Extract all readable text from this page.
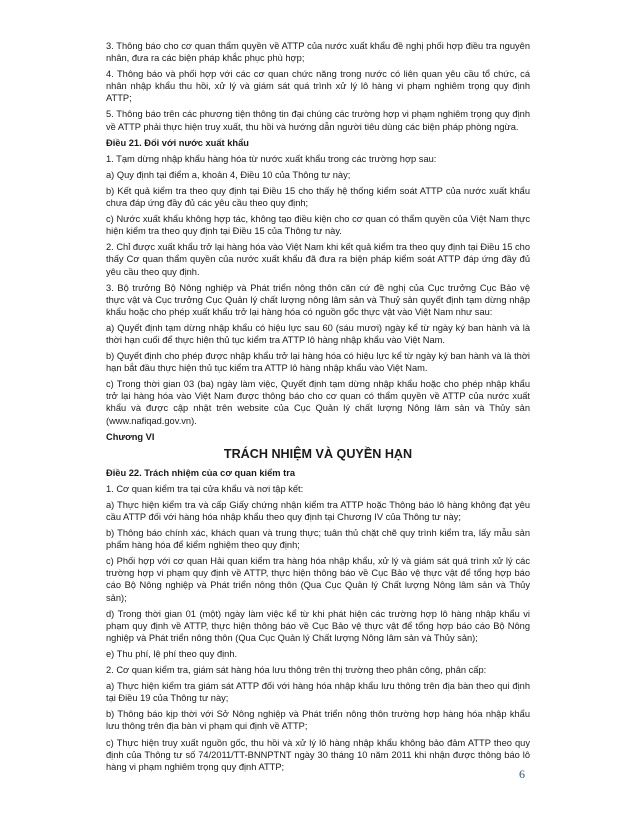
3. Thông báo cho cơ quan thẩm quyền về ATTP của nước xuất khẩu đề nghị phối hợp điều tra nguyên nhân, đưa ra các biện pháp khắc phục phù hợp;

4. Thông báo và phối hợp với các cơ quan chức năng trong nước có liên quan yêu cầu tổ chức, cá nhân nhập khẩu thu hồi, xử lý và giám sát quá trình xử lý lô hàng vi phạm nghiêm trọng quy định ATTP;

5. Thông báo trên các phương tiện thông tin đại chúng các trường hợp vi phạm nghiêm trọng quy định về ATTP phải thực hiện truy xuất, thu hồi và hướng dẫn người tiêu dùng các biện pháp phòng ngừa.

Điều 21. Đối với nước xuất khẩu

1. Tạm dừng nhập khẩu hàng hóa từ nước xuất khẩu trong các trường hợp sau:

a) Quy định tại điểm a, khoản 4, Điều 10 của Thông tư này;

b) Kết quả kiểm tra theo quy định tại Điều 15 cho thấy hệ thống kiểm soát ATTP của nước xuất khẩu chưa đáp ứng đầy đủ các yêu cầu theo quy định;

c) Nước xuất khẩu không hợp tác, không tạo điều kiện cho cơ quan có thẩm quyền của Việt Nam thực hiện kiểm tra theo quy định tại Điều 15 của Thông tư này.

2. Chỉ được xuất khẩu trở lại hàng hóa vào Việt Nam khi kết quả kiểm tra theo quy định tại Điều 15 cho thấy Cơ quan thẩm quyền của nước xuất khẩu đã đưa ra biện pháp kiểm soát ATTP đáp ứng đầy đủ yêu cầu theo quy định.

3. Bộ trưởng Bộ Nông nghiệp và Phát triển nông thôn căn cứ đề nghị của Cục trưởng Cục Bảo vệ thực vật và Cục trưởng Cục Quản lý chất lượng nông lâm sản và Thuỷ sản quyết định tạm dừng nhập khẩu hoặc cho phép xuất khẩu trở lại hàng hóa có nguồn gốc thực vật vào Việt Nam như sau:

a) Quyết định tạm dừng nhập khẩu có hiệu lực sau 60 (sáu mươi) ngày kể từ ngày ký ban hành và là thời hạn cuối để thực hiện thủ tục kiểm tra ATTP lô hàng nhập khẩu vào Việt Nam.

b) Quyết định cho phép được nhập khẩu trở lại hàng hóa có hiệu lực kể từ ngày ký ban hành và là thời hạn bắt đầu thực hiện thủ tục kiểm tra ATTP lô hàng nhập khẩu vào Việt Nam.

c) Trong thời gian 03 (ba) ngày làm việc, Quyết định tạm dừng nhập khẩu hoặc cho phép nhập khẩu trở lại hàng hóa vào Việt Nam được thông báo cho cơ quan có thẩm quyền về ATTP của nước xuất khẩu và được cập nhật trên website của Cục Quản lý chất lượng Nông lâm sản và Thủy sản (www.nafiqad.gov.vn).

Chương VI

TRÁCH NHIỆM VÀ QUYỀN HẠN

Điều 22. Trách nhiệm của cơ quan kiểm tra

1. Cơ quan kiểm tra tại cửa khẩu và nơi tập kết:

a) Thực hiện kiểm tra và cấp Giấy chứng nhận kiểm tra ATTP hoặc Thông báo lô hàng không đạt yêu cầu ATTP đối với hàng hóa nhập khẩu theo quy định tại Chương IV của Thông tư này;

b) Thông báo chính xác, khách quan và trung thực; tuân thủ chặt chẽ quy trình kiểm tra, lấy mẫu sản phẩm hàng hóa để kiểm nghiệm theo quy định;

c) Phối hợp với cơ quan Hải quan kiểm tra hàng hóa nhập khẩu, xử lý và giám sát quá trình xử lý các trường hợp vi phạm quy định về ATTP, thực hiện thông báo về Cục Bảo vệ thực vật để tổng hợp báo cáo Bộ Nông nghiệp và Phát triển nông thôn (Qua Cục Quản lý Chất lượng Nông lâm sản và Thủy sản);

d) Trong thời gian 01 (một) ngày làm việc kể từ khi phát hiện các trường hợp lô hàng nhập khẩu vi phạm quy định về ATTP, thực hiện thông báo về Cục Bảo vệ thực vật để tổng hợp báo cáo Bộ Nông nghiệp và Phát triển nông thôn (Qua Cục Quản lý Chất lượng Nông lâm sản và Thủy sản);

e) Thu phí, lệ phí theo quy định.

2. Cơ quan kiểm tra, giám sát hàng hóa lưu thông trên thị trường theo phân công, phân cấp:

a) Thực hiện kiểm tra giám sát ATTP đối với hàng hóa nhập khẩu lưu thông trên địa bàn theo qui định tại Điều 19 của Thông tư này;

b) Thông báo kịp thời với Sở Nông nghiệp và Phát triển nông thôn trường hợp hàng hóa nhập khẩu lưu thông trên địa bàn vi phạm qui định về ATTP;

c) Thực hiện truy xuất nguồn gốc, thu hồi và xử lý lô hàng nhập khẩu không bảo đảm ATTP theo quy định của Thông tư số 74/2011/TT-BNNPTNT ngày 30 tháng 10 năm 2011 khi nhận được thông báo lô hàng vi phạm nghiêm trọng quy định ATTP;

6
